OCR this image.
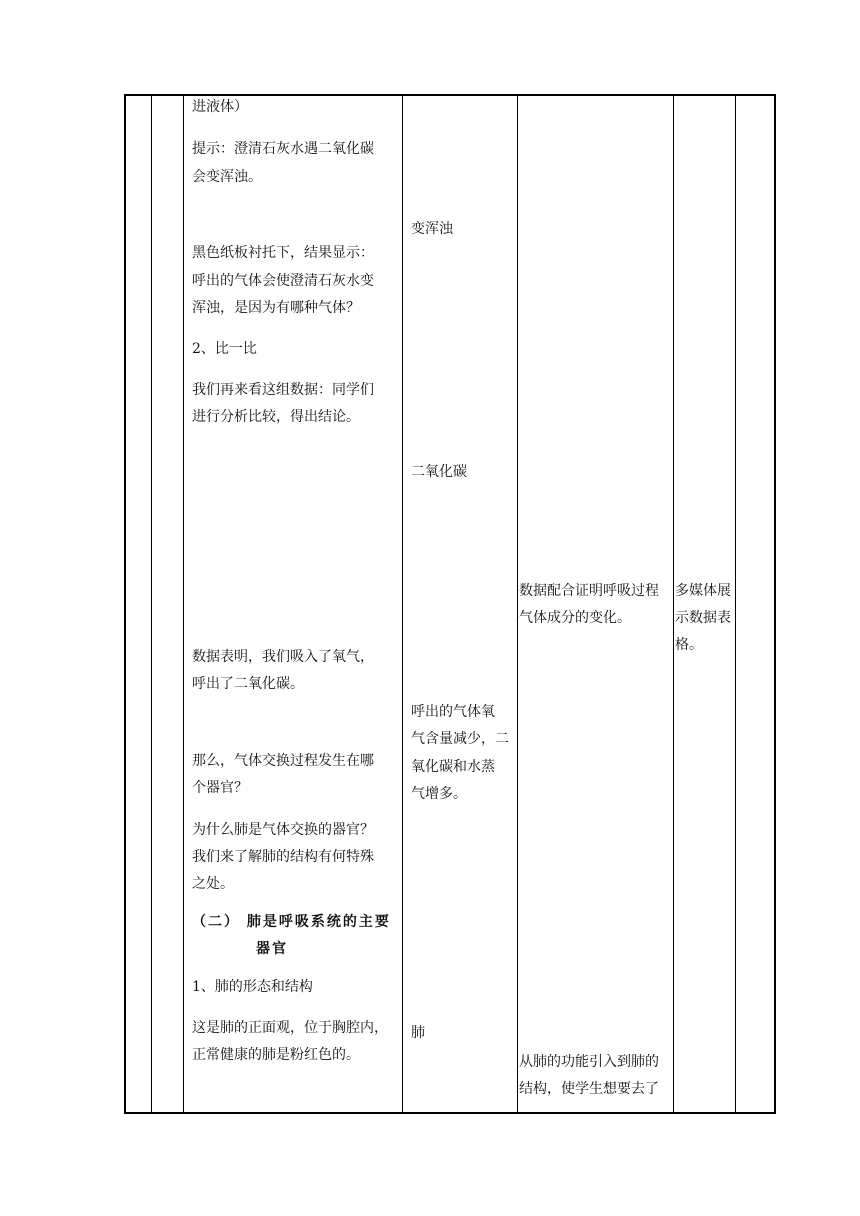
进液体）
提示：澄清石灰水遇二氧化碳
会变浑浊。
黑色纸板衬托下，结果显示：
呼出的气体会使澄清石灰水变
浑浊，是因为有哪种气体？
2、比一比
我们再来看这组数据：同学们
进行分析比较，得出结论。
数据表明，我们吸入了氧气，
呼出了二氧化碳。
那么，气体交换过程发生在哪
个器官？
为什么肺是气体交换的器官？
我们来了解肺的结构有何特殊
之处。
（二） 肺是呼吸系统的主要
器官
1、肺的形态和结构
这是肺的正面观，位于胸腔内，
正常健康的肺是粉红色的。
变浑浊
二氧化碳
呼出的气体氧
气含量减少，二
氧化碳和水蒸
气增多。
肺
数据配合证明呼吸过程
气体成分的变化。
从肺的功能引入到肺的
结构，使学生想要去了
多媒体展
示数据表
格。
